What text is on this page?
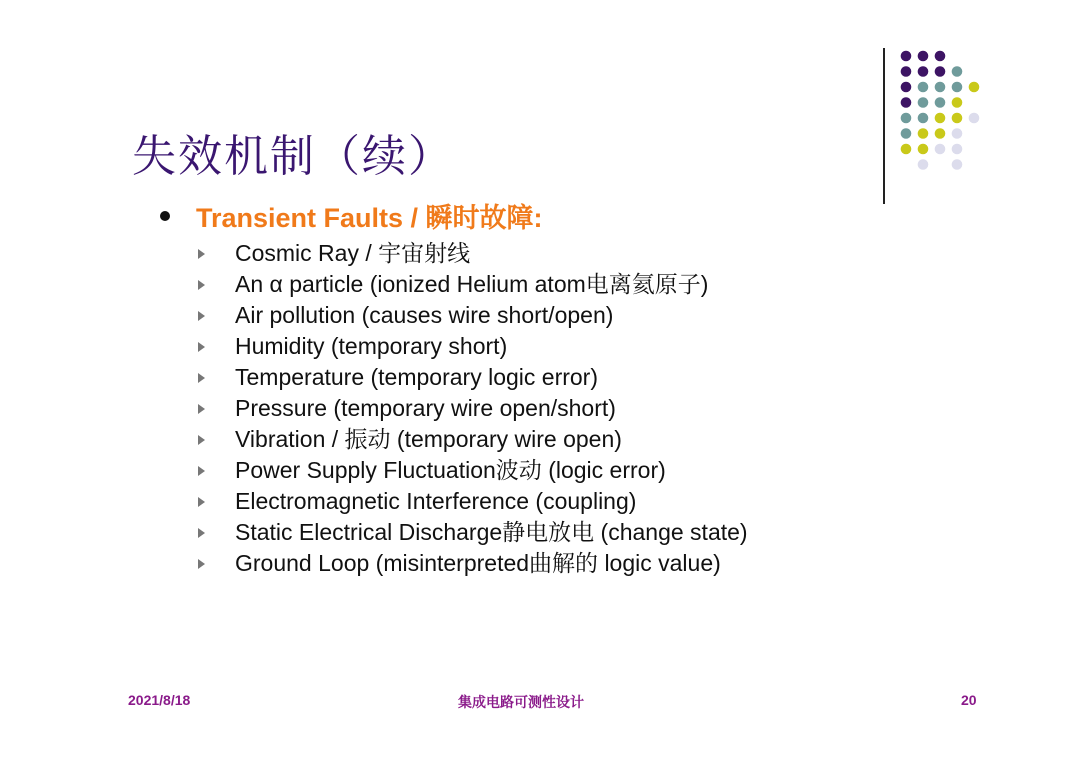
失效机制（续）
Transient Faults / 瞬时故障:
Cosmic Ray / 宇宙射线
An α particle (ionized Helium atom电离氦原子)
Air pollution (causes wire short/open)
Humidity (temporary short)
Temperature (temporary logic error)
Pressure (temporary wire open/short)
Vibration / 振动 (temporary wire open)
Power Supply Fluctuation波动 (logic error)
Electromagnetic Interference (coupling)
Static Electrical Discharge静电放电 (change state)
Ground Loop (misinterpreted曲解的 logic value)
2021/8/18	集成电路可测性设计	20
